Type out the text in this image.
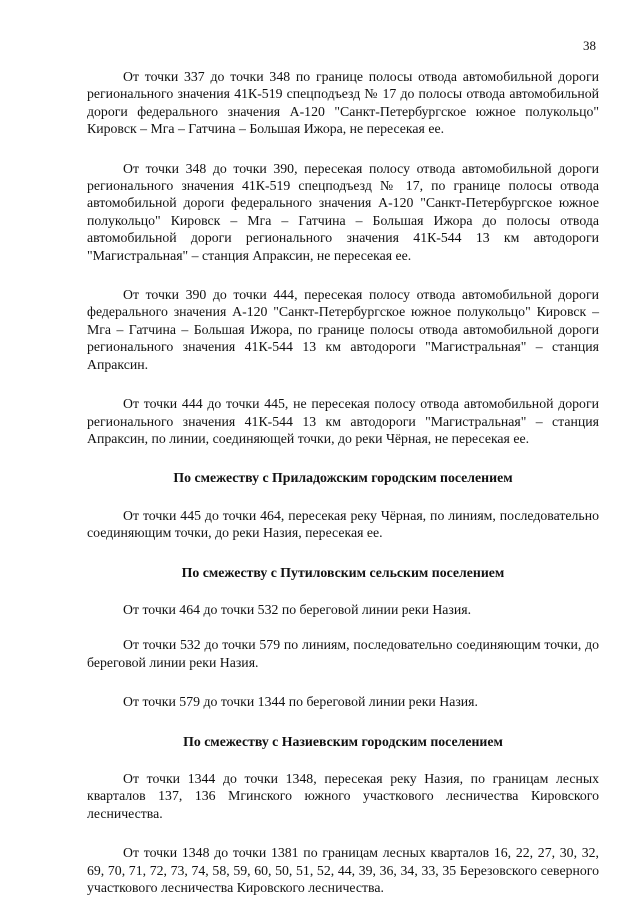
38

От точки 337 до точки 348 по границе полосы отвода автомобильной дороги регионального значения 41К-519 спецподъезд № 17 до полосы отвода автомобильной дороги федерального значения А-120 "Санкт-Петербургское южное полукольцо" Кировск – Мга – Гатчина – Большая Ижора, не пересекая ее.

От точки 348 до точки 390, пересекая полосу отвода автомобильной дороги регионального значения 41К-519 спецподъезд № 17, по границе полосы отвода автомобильной дороги федерального значения А-120 "Санкт-Петербургское южное полукольцо" Кировск – Мга – Гатчина – Большая Ижора до полосы отвода автомобильной дороги регионального значения 41К-544 13 км автодороги "Магистральная" – станция Апраксин, не пересекая ее.

От точки 390 до точки 444, пересекая полосу отвода автомобильной дороги федерального значения А-120 "Санкт-Петербургское южное полукольцо" Кировск – Мга – Гатчина – Большая Ижора, по границе полосы отвода автомобильной дороги регионального значения 41К-544 13 км автодороги "Магистральная" – станция Апраксин.

От точки 444 до точки 445, не пересекая полосу отвода автомобильной дороги регионального значения 41К-544 13 км автодороги "Магистральная" – станция Апраксин, по линии, соединяющей точки, до реки Чёрная, не пересекая ее.

По смежеству с Приладожским городским поселением

От точки 445 до точки 464, пересекая реку Чёрная, по линиям, последовательно соединяющим точки, до реки Назия, пересекая ее.

По смежеству с Путиловским сельским поселением

От точки 464 до точки 532 по береговой линии реки Назия.

От точки 532 до точки 579 по линиям, последовательно соединяющим точки, до береговой линии реки Назия.

От точки 579 до точки 1344 по береговой линии реки Назия.

По смежеству с Назиевским городским поселением

От точки 1344 до точки 1348, пересекая реку Назия, по границам лесных кварталов 137, 136 Мгинского южного участкового лесничества Кировского лесничества.

От точки 1348 до точки 1381 по границам лесных кварталов 16, 22, 27, 30, 32, 69, 70, 71, 72, 73, 74, 58, 59, 60, 50, 51, 52, 44, 39, 36, 34, 33, 35 Березовского северного участкового лесничества Кировского лесничества.
